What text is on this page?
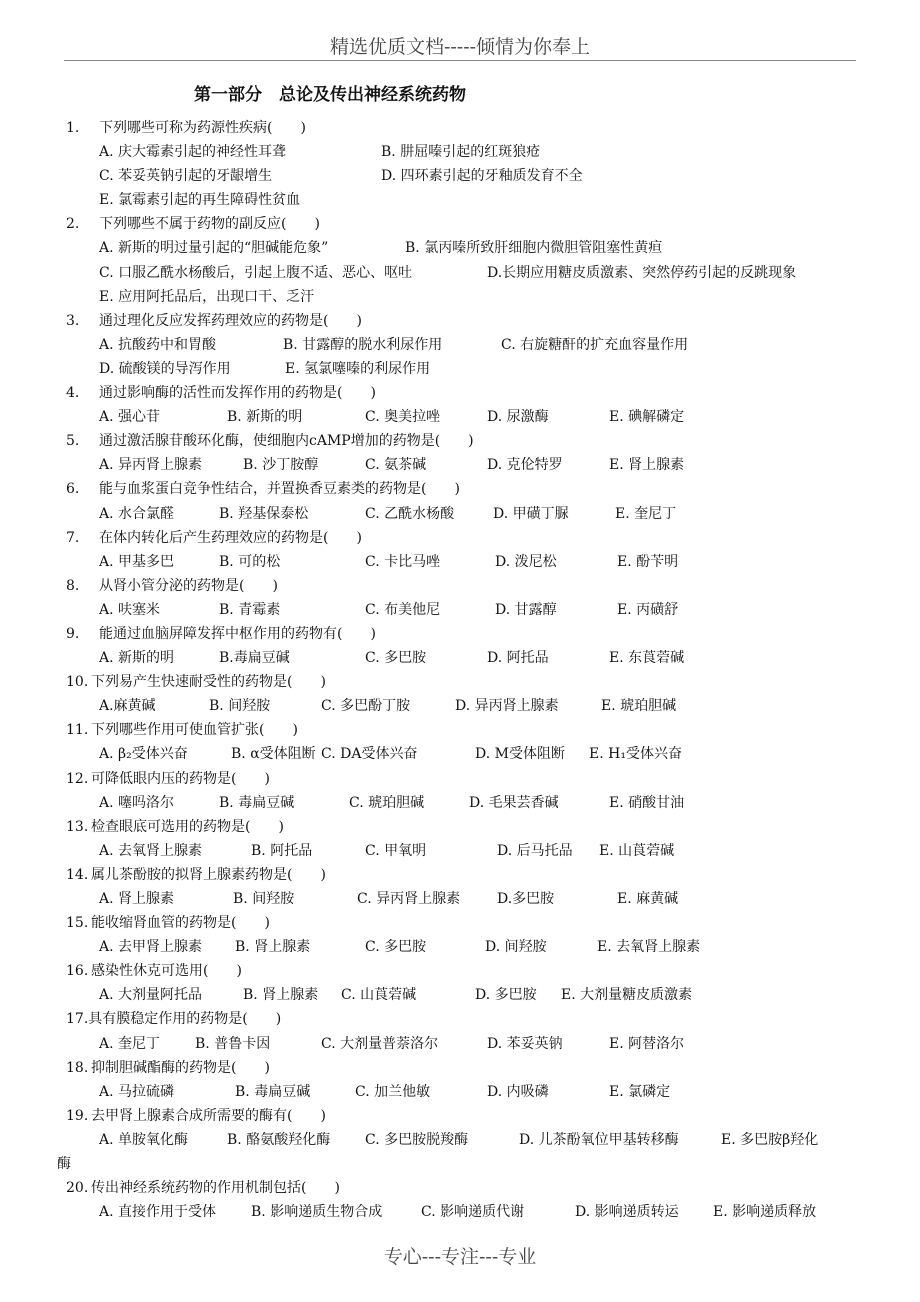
精选优质文档-----倾情为你奉上
第一部分　总论及传出神经系统药物
1. 下列哪些可称为药源性疾病(　　)
A. 庆大霉素引起的神经性耳聋	B. 肼屈嗪引起的红斑狼疮
C. 苯妥英钠引起的牙龈增生	D. 四环素引起的牙釉质发育不全
E. 氯霉素引起的再生障碍性贫血
2. 下列哪些不属于药物的副反应(　　)
A. 新斯的明过量引起的“胆碱能危象”	B. 氯丙嗪所致肝细胞内微胆管阻塞性黄疸
C. 口服乙酰水杨酸后，引起上腹不适、恶心、呕吐	D.长期应用糖皮质激素、突然停药引起的反跳现象
E. 应用阿托品后，出现口干、乏汗
3. 通过理化反应发挥药理效应的药物是(　　)
A. 抗酸药中和胃酸	B. 甘露醇的脱水利尿作用	C. 右旋糖酐的扩充血容量作用
D. 硫酸镁的导泻作用	E. 氢氯噻嗪的利尿作用
4. 通过影响酶的活性而发挥作用的药物是(　　)
A. 强心苷	B. 新斯的明	C. 奥美拉唑	D. 尿激酶	E. 碘解磷定
5. 通过激活腺苷酸环化酶，使细胞内cAMP增加的药物是(　　)
A. 异丙肾上腺素	B. 沙丁胺醇	C. 氨茶碱	D. 克伦特罗	E. 肾上腺素
6. 能与血浆蛋白竞争性结合，并置换香豆素类的药物是(　　)
A. 水合氯醛	B. 羟基保泰松	C. 乙酰水杨酸	D. 甲磺丁脲	E. 奎尼丁
7. 在体内转化后产生药理效应的药物是(　　)
A. 甲基多巴	B. 可的松	C. 卡比马唑	D. 泼尼松	E. 酚苄明
8. 从肾小管分泌的药物是(　　)
A. 呋塞米	B. 青霉素	C. 布美他尼	D. 甘露醇	E. 丙磺舒
9. 能通过血脑屏障发挥中枢作用的药物有(　　)
A. 新斯的明	B.毒扁豆碱	C. 多巴胺	D. 阿托品	E. 东莨菪碱
10. 下列易产生快速耐受性的药物是(　　)
A.麻黄碱	B. 间羟胺	C. 多巴酚丁胺	D. 异丙肾上腺素	E. 琥珀胆碱
11. 下列哪些作用可使血管扩张(　　)
A. β₂受体兴奋	B. α受体阻断 C. DA受体兴奋	D. M受体阻断 E. H₁受体兴奋
12. 可降低眼内压的药物是(　　)
A. 噻吗洛尔	B. 毒扁豆碱	C. 琥珀胆碱	D. 毛果芸香碱	E. 硝酸甘油
13. 检查眼底可选用的药物是(　　)
A. 去氧肾上腺素	B. 阿托品	C. 甲氧明	D. 后马托品 E. 山莨菪碱
14. 属儿茶酚胺的拟肾上腺素药物是(　　)
A. 肾上腺素	B. 间羟胺	C. 异丙肾上腺素	D.多巴胺	E. 麻黄碱
15. 能收缩肾血管的药物是(　　)
A. 去甲肾上腺素 B. 肾上腺素	C. 多巴胺	D. 间羟胺	E. 去氧肾上腺素
16. 感染性休克可选用(　　)
A. 大剂量阿托品	B. 肾上腺素 C. 山莨菪碱	D. 多巴胺 E. 大剂量糖皮质激素
17.具有膜稳定作用的药物是(　　)
A. 奎尼丁 B. 普鲁卡因	C. 大剂量普萘洛尔	D. 苯妥英钠	E. 阿替洛尔
18. 抑制胆碱酯酶的药物是(　　)
A. 马拉硫磷	B. 毒扁豆碱	C. 加兰他敏	D. 内吸磷	E. 氯磷定
19. 去甲肾上腺素合成所需要的酶有(　　)
A. 单胺氧化酶	B. 酪氨酸羟化酶 C. 多巴胺脱羧酶	D. 儿茶酚氧位甲基转移酶	E. 多巴胺β羟化
酶
20. 传出神经系统药物的作用机制包括(　　)
A. 直接作用于受体 B. 影响递质生物合成	C. 影响递质代谢	D. 影响递质转运 E. 影响递质释放
专心---专注---专业
